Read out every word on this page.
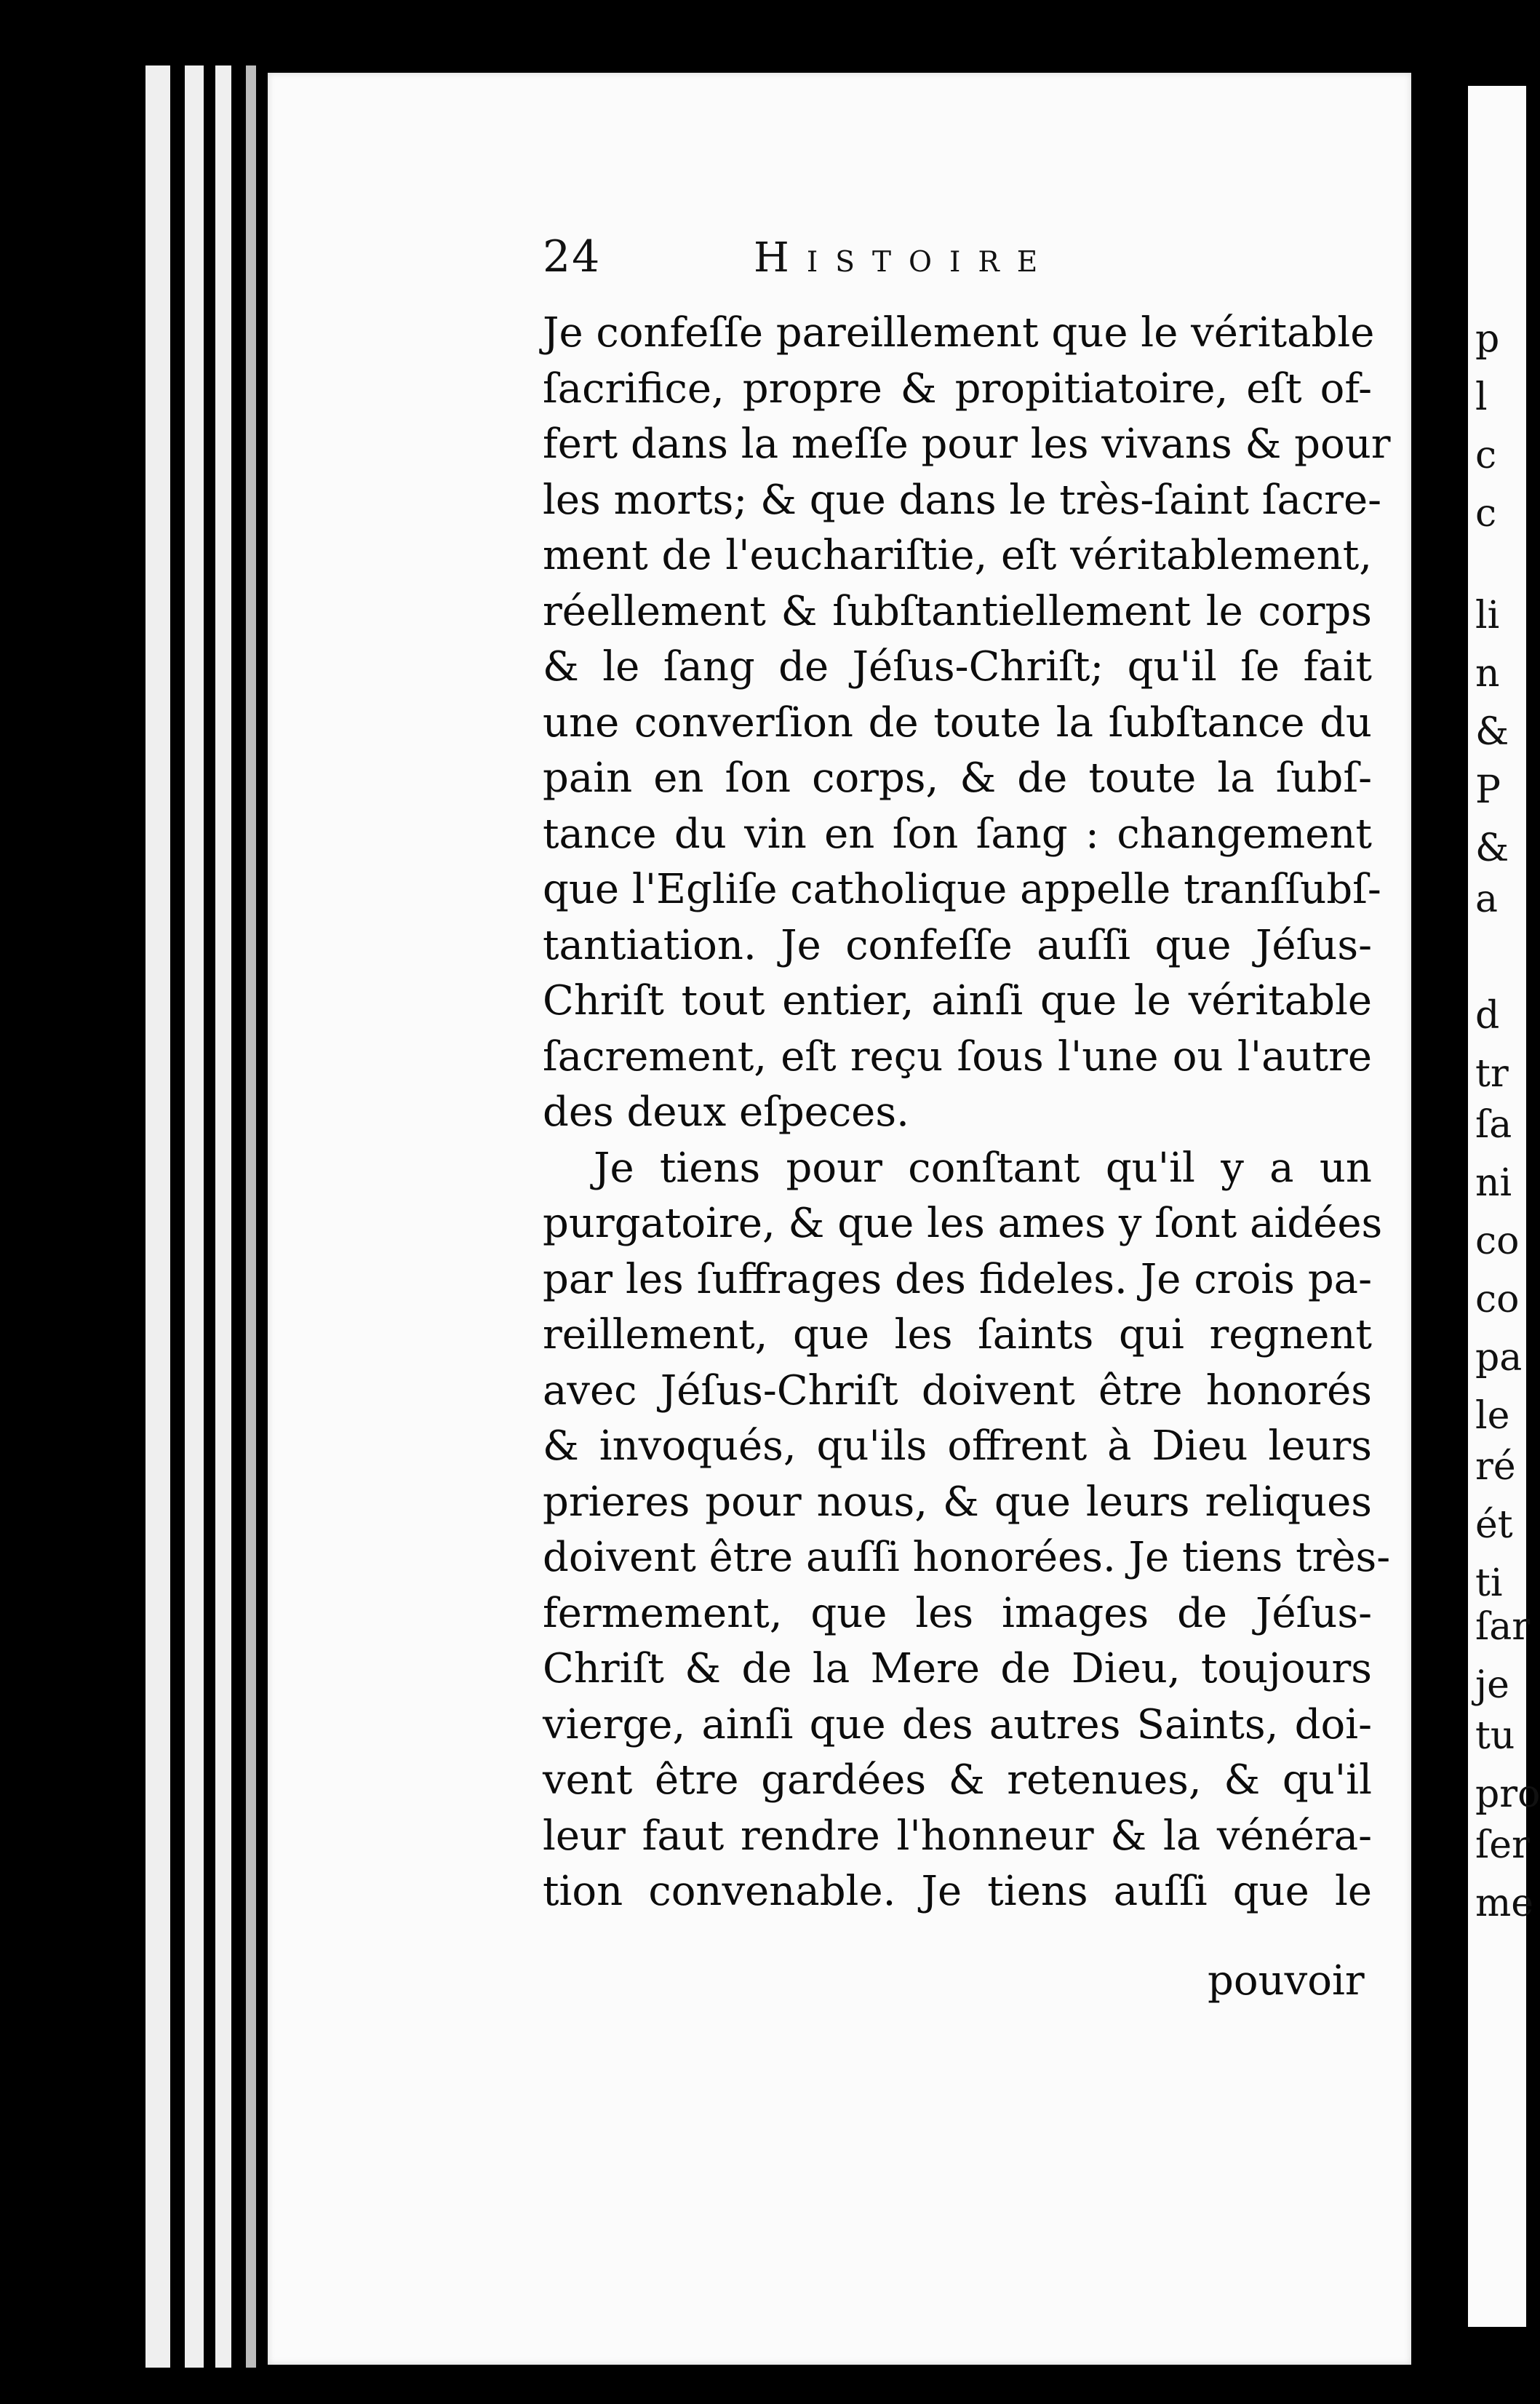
24	Histoire
Je confeſſe pareillement que le véritable
ſacrifice, propre & propitiatoire, eſt of-
fert dans la meſſe pour les vivans & pour
les morts; & que dans le très-ſaint ſacre-
ment de l'euchariſtie, eſt véritablement,
réellement & ſubſtantiellement le corps
& le ſang de Jéſus-Chriſt; qu'il ſe fait
une converſion de toute la ſubſtance du
pain en ſon corps, & de toute la ſubſ-
tance du vin en ſon ſang : changement
que l'Egliſe catholique appelle tranſſubſ-
tantiation. Je confeſſe auſſi que Jéſus-
Chriſt tout entier, ainſi que le véritable
ſacrement, eſt reçu ſous l'une ou l'autre
des deux eſpeces.
Je tiens pour conſtant qu'il y a un
purgatoire, & que les ames y ſont aidées
par les ſuffrages des fideles. Je crois pa-
reillement, que les ſaints qui regnent
avec Jéſus-Chriſt doivent être honorés
& invoqués, qu'ils offrent à Dieu leurs
prieres pour nous, & que leurs reliques
doivent être auſſi honorées. Je tiens très-
fermement, que les images de Jéſus-
Chriſt & de la Mere de Dieu, toujours
vierge, ainſi que des autres Saints, doi-
vent être gardées & retenues, & qu'il
leur faut rendre l'honneur & la vénéra-
tion convenable. Je tiens auſſi que le
pouvoir
p
l
c
c
li
n
&
P
&
a
d
tr
ſa
ni
co
co
pa
le
ré
ét
ti
ſar
je
tu
pro
ſer
me
